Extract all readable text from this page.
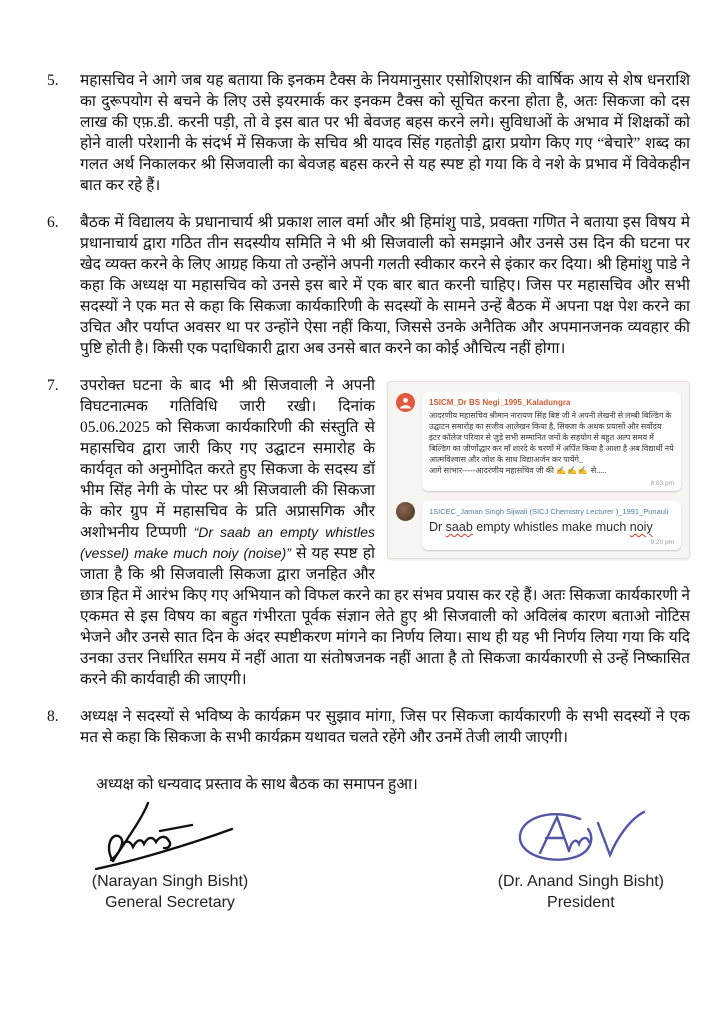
5. महासचिव ने आगे जब यह बताया कि इनकम टैक्स के नियमानुसार एसोशिएशन की वार्षिक आय से शेष धनराशि का दुरूपयोग से बचने के लिए उसे इयरमार्क कर इनकम टैक्स को सूचित करना होता है, अतः सिकजा को दस लाख की एफ़.डी. करनी पड़ी, तो वे इस बात पर भी बेवजह बहस करने लगे। सुविधाओं के अभाव में शिक्षकों को होने वाली परेशानी के संदर्भ में सिकजा के सचिव श्री यादव सिंह गहतोड़ी द्वारा प्रयोग किए गए “बेचारे” शब्द का गलत अर्थ निकालकर श्री सिजवाली का बेवजह बहस करने से यह स्पष्ट हो गया कि वे नशे के प्रभाव में विवेकहीन बात कर रहे हैं।
6. बैठक में विद्यालय के प्रधानाचार्य श्री प्रकाश लाल वर्मा और श्री हिमांशु पाडे, प्रवक्ता गणित ने बताया इस विषय मे प्रधानाचार्य द्वारा गठित तीन सदस्यीय समिति ने भी श्री सिजवाली को समझाने और उनसे उस दिन की घटना पर खेद व्यक्त करने के लिए आग्रह किया तो उन्होंने अपनी गलती स्वीकार करने से इंकार कर दिया। श्री हिमांशु पाडे ने कहा कि अध्यक्ष या महासचिव को उनसे इस बारे में एक बार बात करनी चाहिए। जिस पर महासचिव और सभी सदस्यों ने एक मत से कहा कि सिकजा कार्यकारिणी के सदस्यों के सामने उन्हें बैठक में अपना पक्ष पेश करने का उचित और पर्याप्त अवसर था पर उन्होंने ऐसा नहीं किया, जिससे उनके अनैतिक और अपमानजनक व्यवहार की पुष्टि होती है। किसी एक पदाधिकारी द्वारा अब उनसे बात करने का कोई औचित्य नहीं होगा।
7.
1SICM_Dr BS Negi_1995_Kaladungra
आदरणीय महासचिव श्रीमान नारायण सिंह बिष्ट जी ने अपनी लेखनी से लम्बी बिल्डिंग के उद्घाटन समारोह का सजीव आलेखन किया है, सिक्जा के अथक प्रयासों और सर्वोदय इंटर कॉलेज परिवार से जुड़े सभी सम्मानित जनों के सहयोग से बहुत अल्प समय में बिल्डिंग का जीर्णोद्धार कर माँ शारदे के चरणों में अर्पित किया है आशा है अब विद्यार्थी नये आत्मविश्वास और जोश के साथ विद्याअर्जन कर पायेंगे_
आगे साभार-----आदरणीय महासचिव जी की ✍️✍️✍️ से.....
8:03 pm
1SICEC_Jaman Singh Sijwali (SICJ Chemistry Lecturer )_1991_Punauli
Dr saab empty whistles make much noiy
9:20 pm
उपरोक्त घटना के बाद भी श्री सिजवाली ने अपनी विघटनात्मक गतिविधि जारी रखी। दिनांक 05.06.2025 को सिकजा कार्यकारिणी की संस्तुति से महासचिव द्वारा जारी किए गए उद्घाटन समारोह के कार्यवृत को अनुमोदित करते हुए सिकजा के सदस्य डॉ भीम सिंह नेगी के पोस्ट पर श्री सिजवाली की सिकजा के कोर ग्रुप में महासचिव के प्रति अप्रासगिक और अशोभनीय टिप्पणी “Dr saab an empty whistles (vessel) make much noiy (noise)” से यह स्पष्ट हो जाता है कि श्री सिजवाली सिकजा द्वारा जनहित और छात्र हित में आरंभ किए गए अभियान को विफल करने का हर संभव प्रयास कर रहे हैं। अतः सिकजा कार्यकारणी ने एकमत से इस विषय का बहुत गंभीरता पूर्वक संज्ञान लेते हुए श्री सिजवाली को अविलंब कारण बताओ नोटिस भेजने और उनसे सात दिन के अंदर स्पष्टीकरण मांगने का निर्णय लिया। साथ ही यह भी निर्णय लिया गया कि यदि उनका उत्तर निर्धारित समय में नहीं आता या संतोषजनक नहीं आता है तो सिकजा कार्यकारणी से उन्हें निष्कासित करने की कार्यवाही की जाएगी।
8. अध्यक्ष ने सदस्यों से भविष्य के कार्यक्रम पर सुझाव मांगा, जिस पर सिकजा कार्यकारणी के सभी सदस्यों ने एक मत से कहा कि सिकजा के सभी कार्यक्रम यथावत चलते रहेंगे और उनमें तेजी लायी जाएगी।
अध्यक्ष को धन्यवाद प्रस्ताव के साथ बैठक का समापन हुआ।
(Narayan Singh Bisht)
General Secretary
(Dr. Anand Singh Bisht)
President
